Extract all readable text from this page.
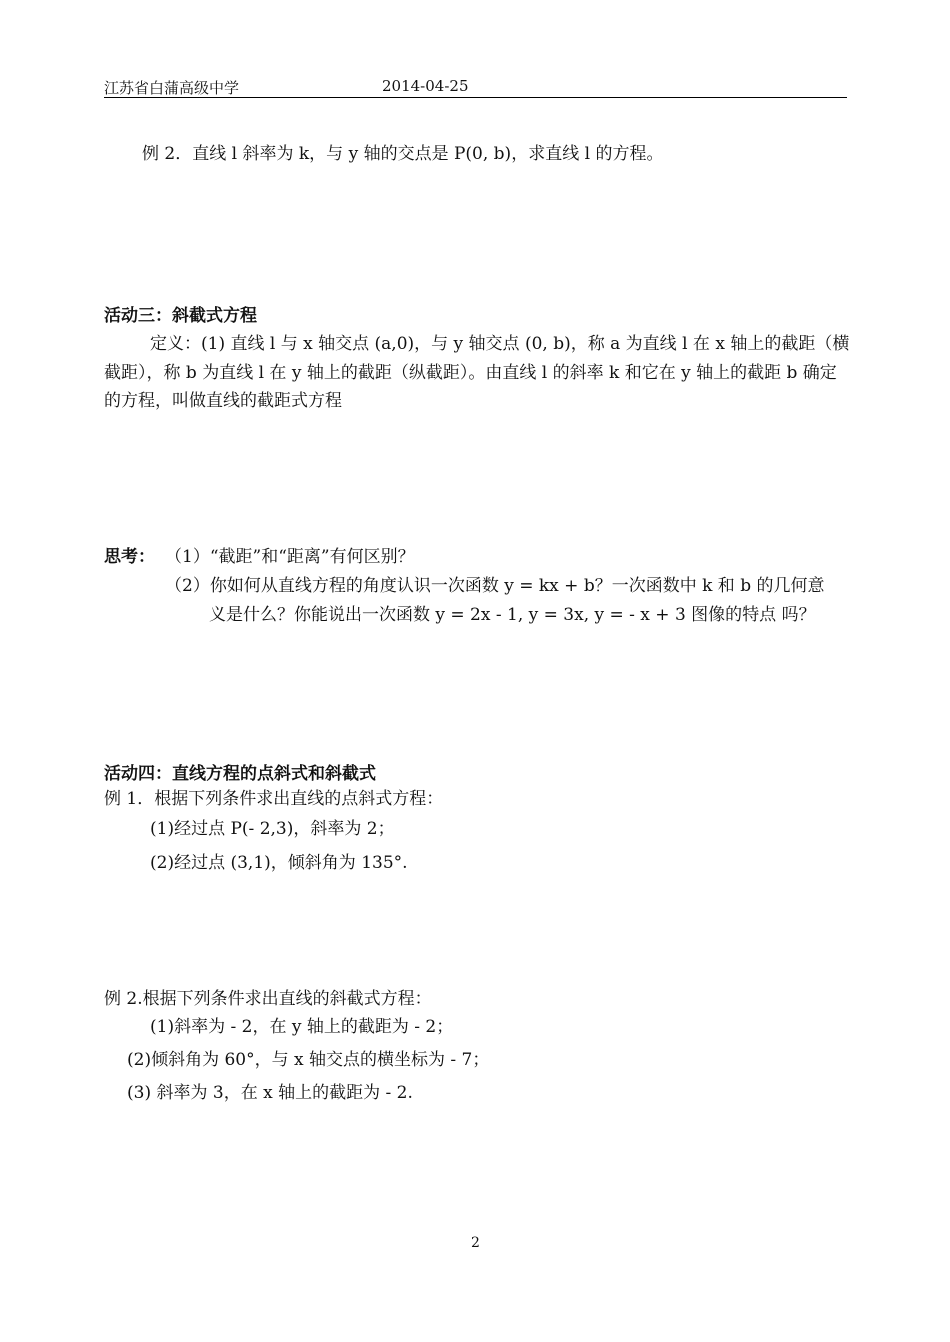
江苏省白蒲高级中学	2014-04-25
例 2．直线 l 斜率为 k，与 y 轴的交点是 P(0, b)，求直线 l 的方程。
活动三：斜截式方程
定义：(1) 直线 l 与 x 轴交点 (a,0)，与 y 轴交点 (0, b)，称 a 为直线 l 在 x 轴上的截距（横
截距），称 b 为直线 l 在 y 轴上的截距（纵截距）。由直线 l 的斜率 k 和它在 y 轴上的截距 b 确定
的方程，叫做直线的截距式方程
思考： （1）“截距”和“距离”有何区别？
（2）你如何从直线方程的角度认识一次函数 y = kx + b？一次函数中 k 和 b 的几何意
义是什么？你能说出一次函数 y = 2x - 1, y = 3x, y = - x + 3 图像的特点 吗？
活动四：直线方程的点斜式和斜截式
例 1．根据下列条件求出直线的点斜式方程：
(1)经过点 P(- 2,3)，斜率为 2；
(2)经过点 (3,1)，倾斜角为 135°.
例 2.根据下列条件求出直线的斜截式方程：
(1)斜率为 - 2，在 y 轴上的截距为 - 2；
(2)倾斜角为 60°，与 x 轴交点的横坐标为 - 7；
(3) 斜率为 3，在 x 轴上的截距为 - 2.
2
